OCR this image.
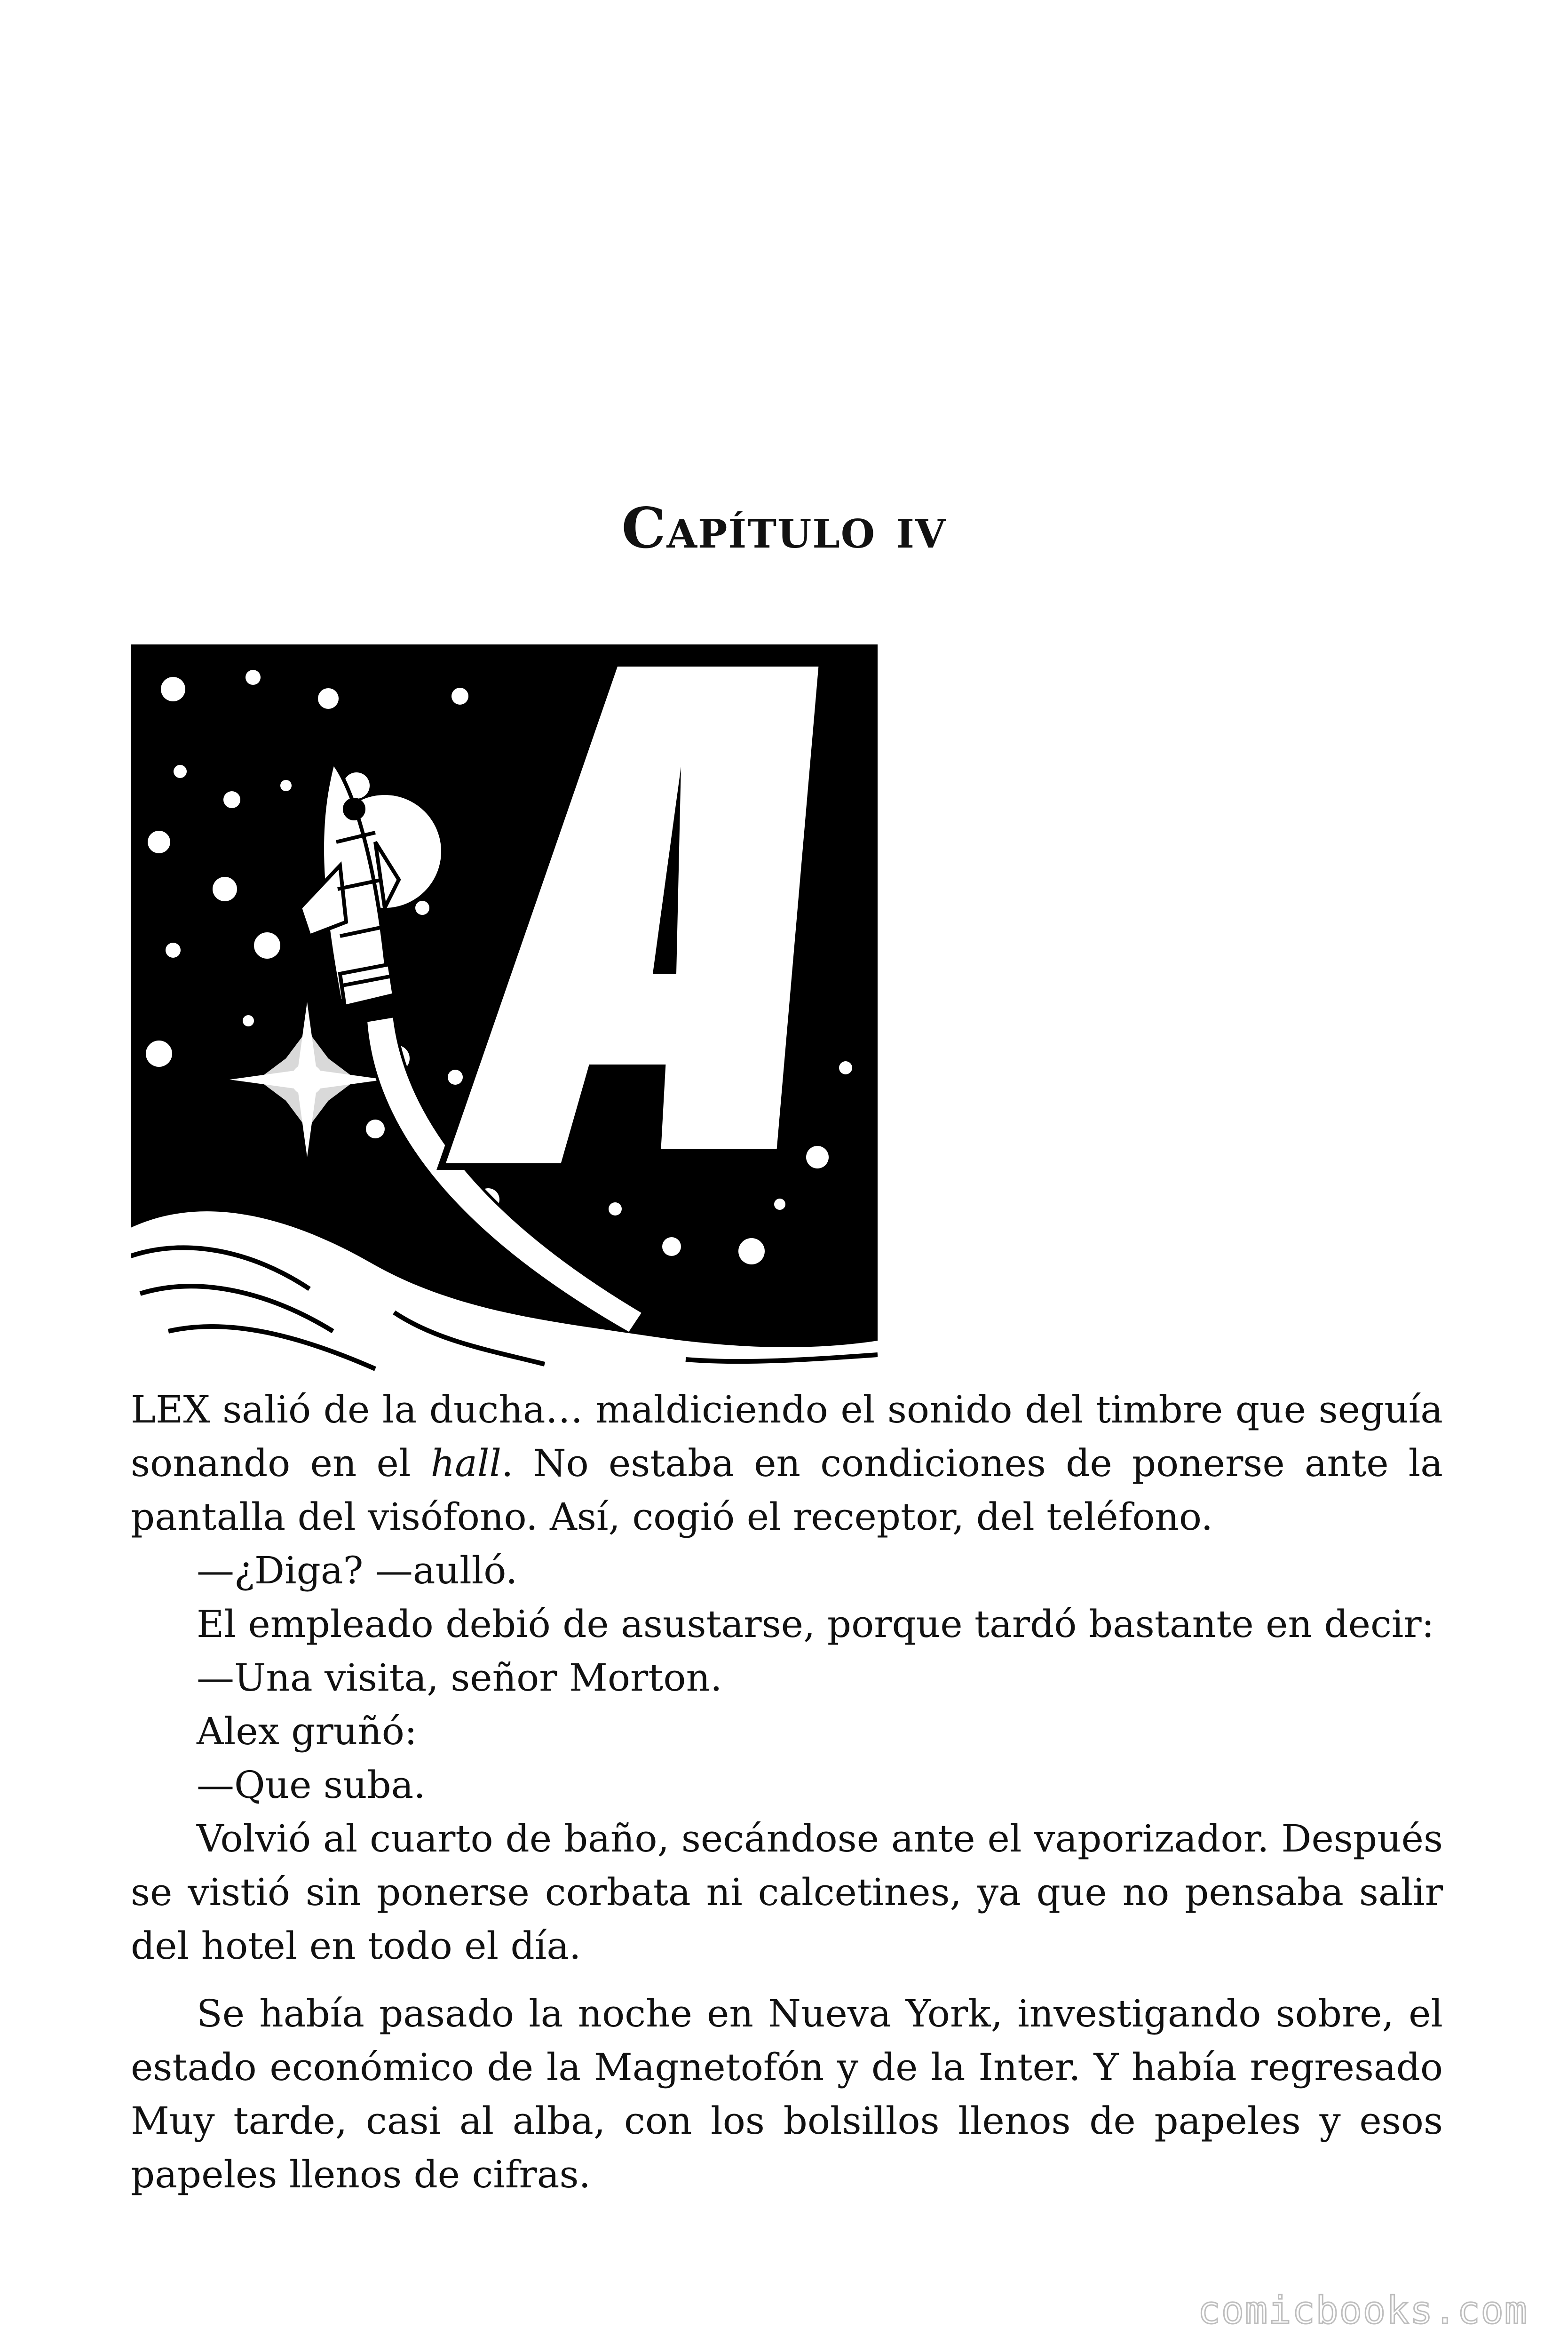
Capítulo iv

LEX salió de la ducha… maldiciendo el sonido del timbre que seguía sonando en el hall. No estaba en condiciones de ponerse ante la pantalla del visófono. Así, cogió el receptor, del teléfono.

—¿Diga? —aulló.

El empleado debió de asustarse, porque tardó bastante en decir:

—Una visita, señor Morton.

Alex gruñó:

—Que suba.

Volvió al cuarto de baño, secándose ante el vaporizador. Después se vistió sin ponerse corbata ni calcetines, ya que no pensaba salir del hotel en todo el día.

Se había pasado la noche en Nueva York, investigando sobre, el estado económico de la Magnetofón y de la Inter. Y había regresado Muy tarde, casi al alba, con los bolsillos llenos de papeles y esos papeles llenos de cifras.

comicbooks.com
